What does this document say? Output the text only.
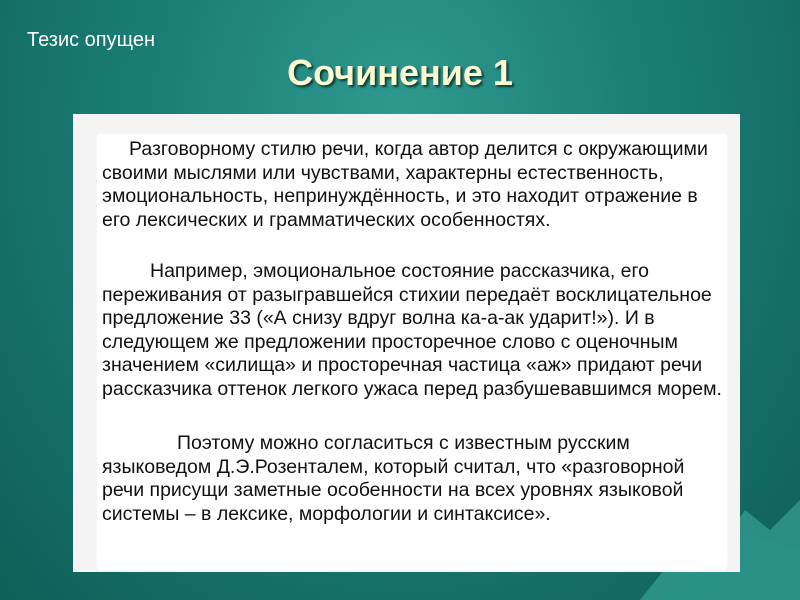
Тезис опущен
Сочинение 1

Разговорному стилю речи, когда автор делится с окружающими своими мыслями или чувствами, характерны естественность, эмоциональность, непринуждённость, и это находит отражение в его лексических и грамматических особенностях.

Например, эмоциональное состояние рассказчика, его переживания от разыгравшейся стихии передаёт восклицательное предложение 33 («А снизу вдруг волна ка-а-ак ударит!»). И в следующем же предложении просторечное слово с оценочным значением «силища» и просторечная частица «аж» придают речи рассказчика оттенок легкого ужаса перед разбушевавшимся морем.

Поэтому можно согласиться с известным русским языковедом Д.Э.Розенталем, который считал, что «разговорной речи присущи заметные особенности на всех уровнях языковой системы – в лексике, морфологии и синтаксисе».
